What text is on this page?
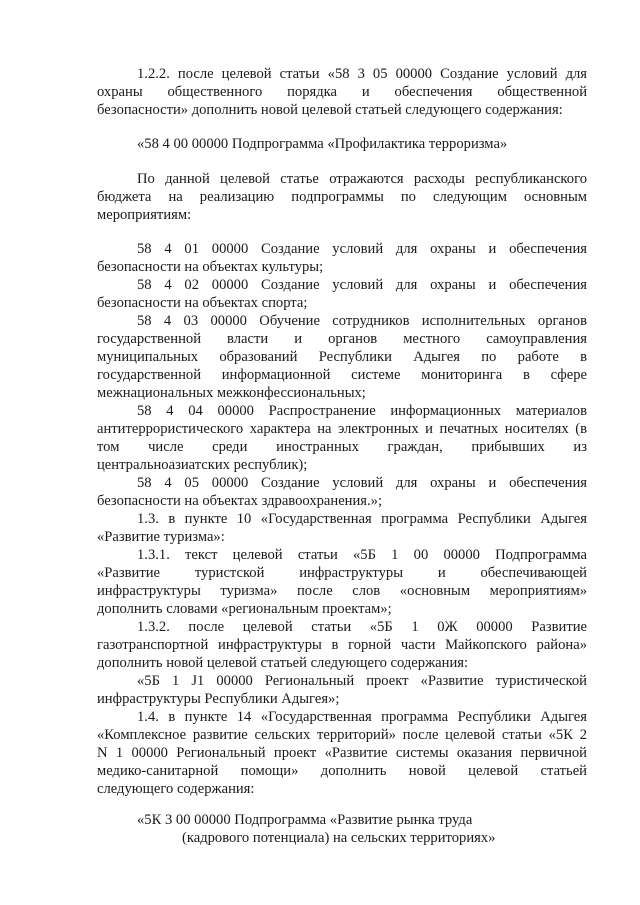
1.2.2. после целевой статьи «58 3 05 00000 Создание условий для
охраны общественного порядка и обеспечения общественной
безопасности» дополнить новой целевой статьей следующего содержания:
«58 4 00 00000 Подпрограмма «Профилактика терроризма»
По данной целевой статье отражаются расходы республиканского
бюджета на реализацию подпрограммы по следующим основным
мероприятиям:
58 4 01 00000 Создание условий для охраны и обеспечения
безопасности на объектах культуры;
58 4 02 00000 Создание условий для охраны и обеспечения
безопасности на объектах спорта;
58 4 03 00000 Обучение сотрудников исполнительных органов
государственной власти и органов местного самоуправления
муниципальных образований Республики Адыгея по работе в
государственной информационной системе мониторинга в сфере
межнациональных межконфессиональных;
58 4 04 00000 Распространение информационных материалов
антитеррористического характера на электронных и печатных носителях (в
том числе среди иностранных граждан, прибывших из
центральноазиатских республик);
58 4 05 00000 Создание условий для охраны и обеспечения
безопасности на объектах здравоохранения.»;
1.3. в пункте 10 «Государственная программа Республики Адыгея
«Развитие туризма»:
1.3.1. текст целевой статьи «5Б 1 00 00000 Подпрограмма
«Развитие туристской инфраструктуры и обеспечивающей
инфраструктуры туризма» после слов «основным мероприятиям»
дополнить словами «региональным проектам»;
1.3.2. после целевой статьи «5Б 1 0Ж 00000 Развитие
газотранспортной инфраструктуры в горной части Майкопского района»
дополнить новой целевой статьей следующего содержания:
«5Б 1 J1 00000 Региональный проект «Развитие туристической
инфраструктуры Республики Адыгея»;
1.4. в пункте 14 «Государственная программа Республики Адыгея
«Комплексное развитие сельских территорий» после целевой статьи «5К 2
N 1 00000 Региональный проект «Развитие системы оказания первичной
медико-санитарной помощи» дополнить новой целевой статьей
следующего содержания:
«5К 3 00 00000 Подпрограмма «Развитие рынка труда
(кадрового потенциала) на сельских территориях»
